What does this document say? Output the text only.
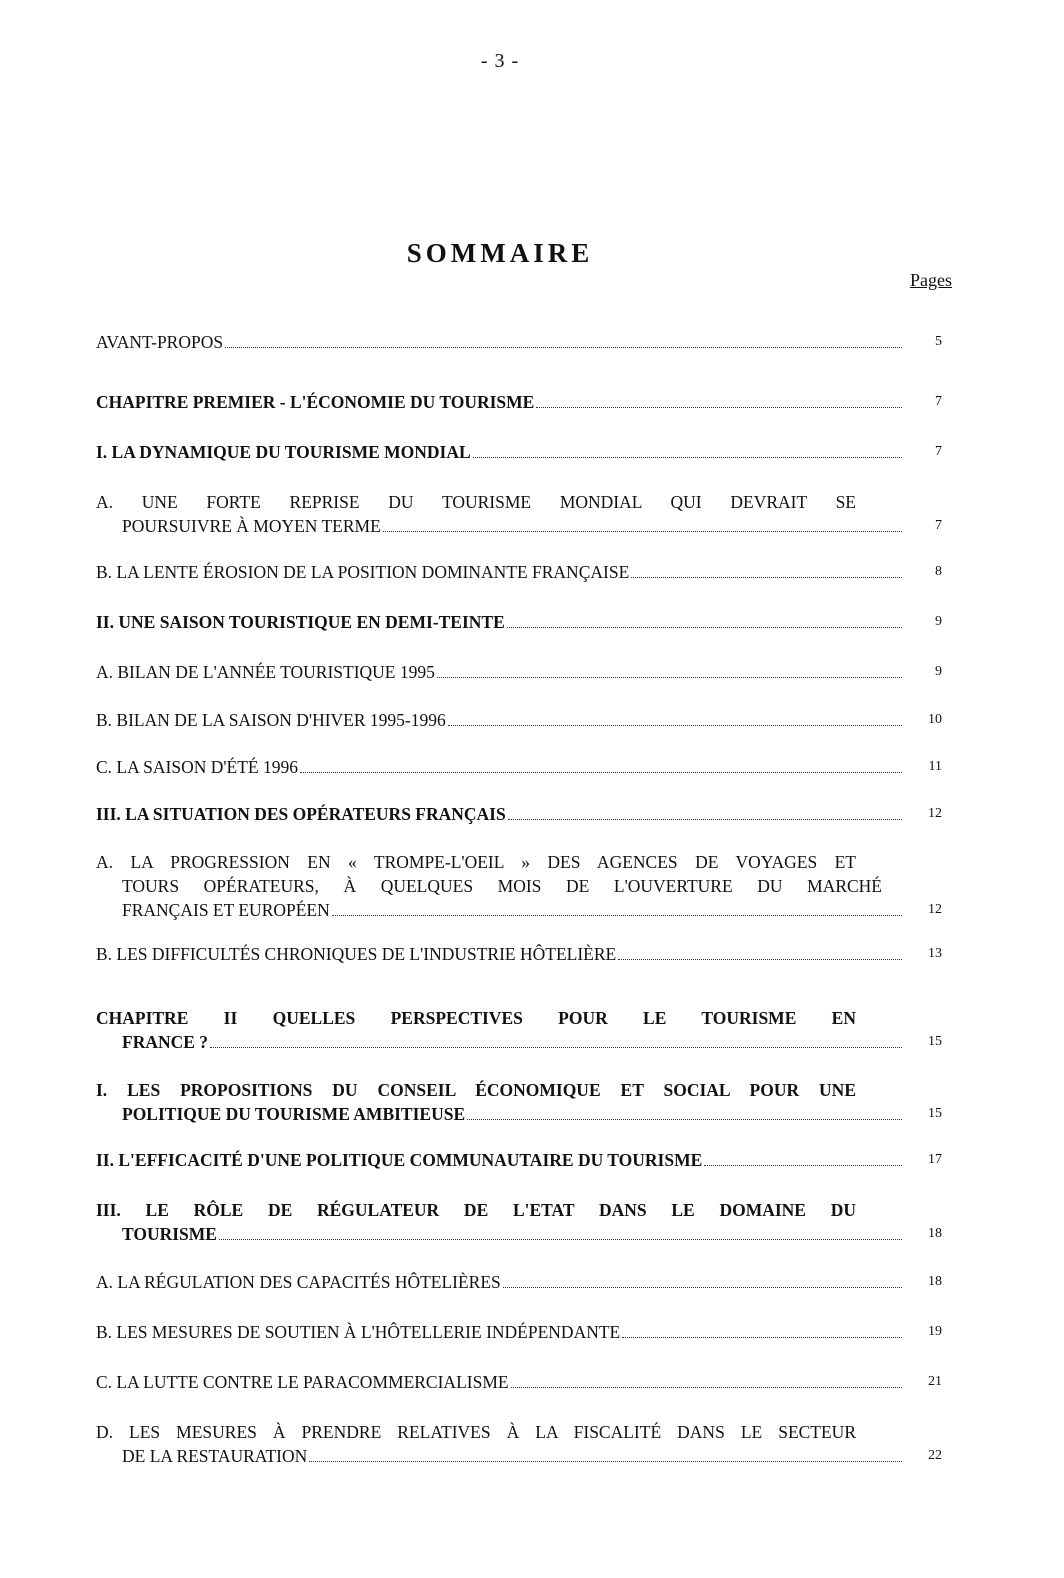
- 3 -
SOMMAIRE
Pages
AVANT-PROPOS	5
CHAPITRE PREMIER - L'ÉCONOMIE DU TOURISME	7
I. LA DYNAMIQUE DU TOURISME MONDIAL	7
A. UNE FORTE REPRISE DU TOURISME MONDIAL QUI DEVRAIT SE
POURSUIVRE À MOYEN TERME	7
B. LA LENTE ÉROSION DE LA POSITION DOMINANTE FRANÇAISE	8
II. UNE SAISON TOURISTIQUE EN DEMI-TEINTE	9
A. BILAN DE L'ANNÉE TOURISTIQUE 1995	9
B. BILAN DE LA SAISON D'HIVER 1995-1996	10
C. LA SAISON D'ÉTÉ 1996	11
III. LA SITUATION DES OPÉRATEURS FRANÇAIS	12
A. LA PROGRESSION EN « TROMPE-L'OEIL » DES AGENCES DE VOYAGES ET
TOURS OPÉRATEURS, À QUELQUES MOIS DE L'OUVERTURE DU MARCHÉ
FRANÇAIS ET EUROPÉEN	12
B. LES DIFFICULTÉS CHRONIQUES DE L'INDUSTRIE HÔTELIÈRE	13
CHAPITRE II QUELLES PERSPECTIVES POUR LE TOURISME EN
FRANCE ?	15
I. LES PROPOSITIONS DU CONSEIL ÉCONOMIQUE ET SOCIAL POUR UNE
POLITIQUE DU TOURISME AMBITIEUSE	15
II. L'EFFICACITÉ D'UNE POLITIQUE COMMUNAUTAIRE DU TOURISME	17
III. LE RÔLE DE RÉGULATEUR DE L'ETAT DANS LE DOMAINE DU
TOURISME	18
A. LA RÉGULATION DES CAPACITÉS HÔTELIÈRES	18
B. LES MESURES DE SOUTIEN À L'HÔTELLERIE INDÉPENDANTE	19
C. LA LUTTE CONTRE LE PARACOMMERCIALISME	21
D. LES MESURES À PRENDRE RELATIVES À LA FISCALITÉ DANS LE SECTEUR
DE LA RESTAURATION	22
